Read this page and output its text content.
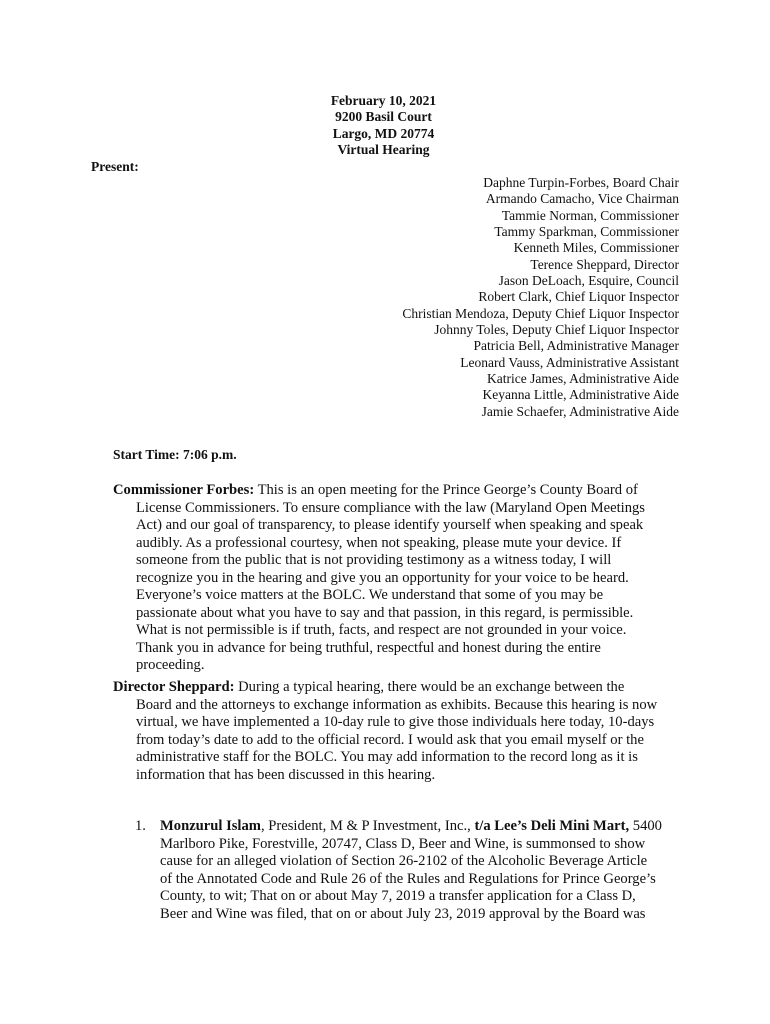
February 10, 2021
9200 Basil Court
Largo, MD 20774
Virtual Hearing
Present:
Daphne Turpin-Forbes, Board Chair
Armando Camacho, Vice Chairman
Tammie Norman, Commissioner
Tammy Sparkman, Commissioner
Kenneth Miles, Commissioner
Terence Sheppard, Director
Jason DeLoach, Esquire, Council
Robert Clark, Chief Liquor Inspector
Christian Mendoza, Deputy Chief Liquor Inspector
Johnny Toles, Deputy Chief Liquor Inspector
Patricia Bell, Administrative Manager
Leonard Vauss, Administrative Assistant
Katrice James, Administrative Aide
Keyanna Little, Administrative Aide
Jamie Schaefer, Administrative Aide
Start Time: 7:06 p.m.
Commissioner Forbes: This is an open meeting for the Prince George’s County Board of
License Commissioners. To ensure compliance with the law (Maryland Open Meetings
Act) and our goal of transparency, to please identify yourself when speaking and speak
audibly. As a professional courtesy, when not speaking, please mute your device. If
someone from the public that is not providing testimony as a witness today, I will
recognize you in the hearing and give you an opportunity for your voice to be heard.
Everyone’s voice matters at the BOLC. We understand that some of you may be
passionate about what you have to say and that passion, in this regard, is permissible.
What is not permissible is if truth, facts, and respect are not grounded in your voice.
Thank you in advance for being truthful, respectful and honest during the entire
proceeding.
Director Sheppard: During a typical hearing, there would be an exchange between the
Board and the attorneys to exchange information as exhibits. Because this hearing is now
virtual, we have implemented a 10-day rule to give those individuals here today, 10-days
from today’s date to add to the official record. I would ask that you email myself or the
administrative staff for the BOLC. You may add information to the record long as it is
information that has been discussed in this hearing.
1. Monzurul Islam, President, M & P Investment, Inc., t/a Lee’s Deli Mini Mart, 5400
Marlboro Pike, Forestville, 20747, Class D, Beer and Wine, is summonsed to show
cause for an alleged violation of Section 26-2102 of the Alcoholic Beverage Article
of the Annotated Code and Rule 26 of the Rules and Regulations for Prince George’s
County, to wit; That on or about May 7, 2019 a transfer application for a Class D,
Beer and Wine was filed, that on or about July 23, 2019 approval by the Board was
